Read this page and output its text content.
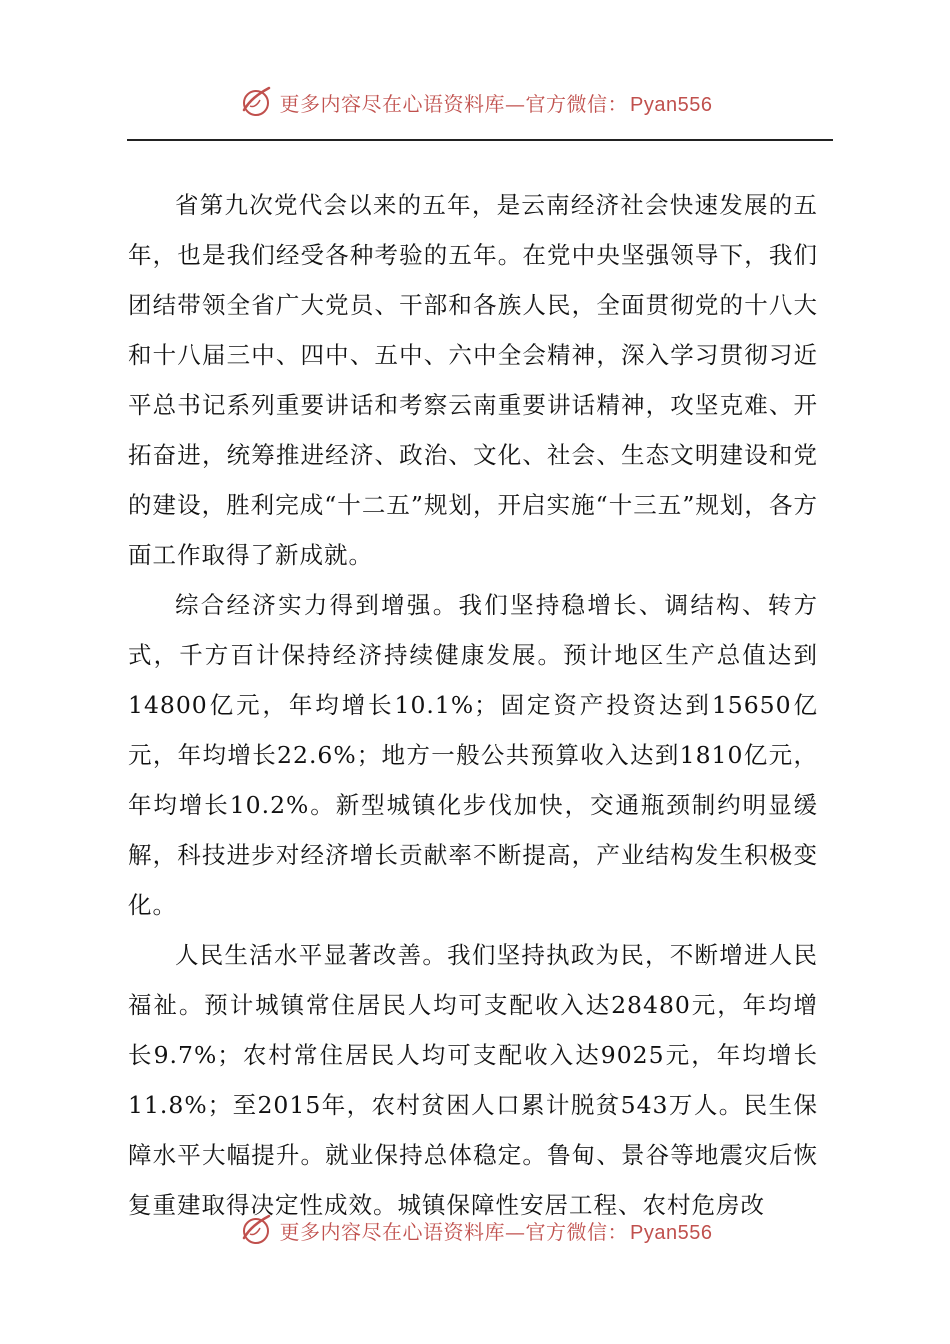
更多内容尽在心语资料库—官方微信： Pyan556

省第九次党代会以来的五年，是云南经济社会快速发展的五年，也是我们经受各种考验的五年。在党中央坚强领导下，我们团结带领全省广大党员、干部和各族人民，全面贯彻党的十八大和十八届三中、四中、五中、六中全会精神，深入学习贯彻习近平总书记系列重要讲话和考察云南重要讲话精神，攻坚克难、开拓奋进，统筹推进经济、政治、文化、社会、生态文明建设和党的建设，胜利完成“十二五”规划，开启实施“十三五”规划，各方面工作取得了新成就。

综合经济实力得到增强。我们坚持稳增长、调结构、转方式，千方百计保持经济持续健康发展。预计地区生产总值达到14800亿元，年均增长10.1%；固定资产投资达到15650亿元，年均增长22.6%；地方一般公共预算收入达到1810亿元，年均增长10.2%。新型城镇化步伐加快，交通瓶颈制约明显缓解，科技进步对经济增长贡献率不断提高，产业结构发生积极变化。

人民生活水平显著改善。我们坚持执政为民，不断增进人民福祉。预计城镇常住居民人均可支配收入达28480元，年均增长9.7%；农村常住居民人均可支配收入达9025元，年均增长11.8%；至2015年，农村贫困人口累计脱贫543万人。民生保障水平大幅提升。就业保持总体稳定。鲁甸、景谷等地震灾后恢复重建取得决定性成效。城镇保障性安居工程、农村危房改

更多内容尽在心语资料库—官方微信： Pyan556
